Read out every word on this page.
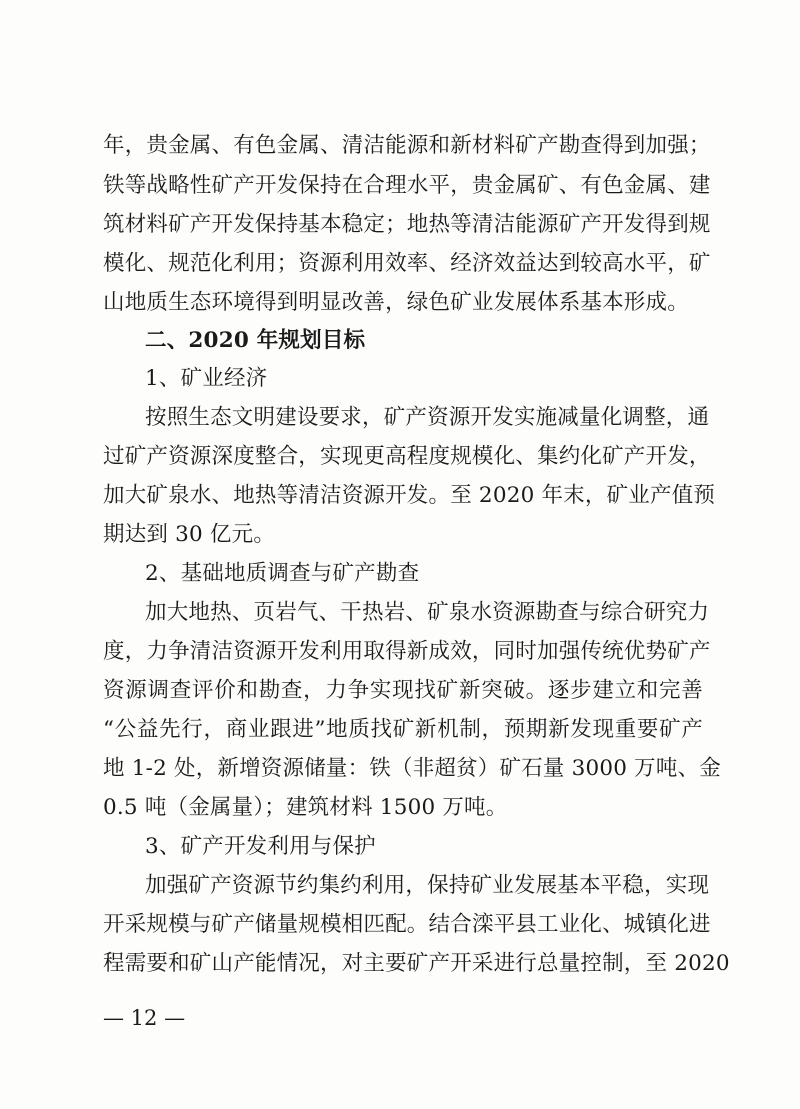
年，贵金属、有色金属、清洁能源和新材料矿产勘查得到加强；
铁等战略性矿产开发保持在合理水平，贵金属矿、有色金属、建
筑材料矿产开发保持基本稳定；地热等清洁能源矿产开发得到规
模化、规范化利用；资源利用效率、经济效益达到较高水平，矿
山地质生态环境得到明显改善，绿色矿业发展体系基本形成。
二、2020 年规划目标
1、矿业经济
按照生态文明建设要求，矿产资源开发实施减量化调整，通
过矿产资源深度整合，实现更高程度规模化、集约化矿产开发，
加大矿泉水、地热等清洁资源开发。至 2020 年末，矿业产值预
期达到 30 亿元。
2、基础地质调查与矿产勘查
加大地热、页岩气、干热岩、矿泉水资源勘查与综合研究力
度，力争清洁资源开发利用取得新成效，同时加强传统优势矿产
资源调查评价和勘查，力争实现找矿新突破。逐步建立和完善
“公益先行，商业跟进”地质找矿新机制，预期新发现重要矿产
地 1-2 处，新增资源储量：铁（非超贫）矿石量 3000 万吨、金
0.5 吨（金属量）；建筑材料 1500 万吨。
3、矿产开发利用与保护
加强矿产资源节约集约利用，保持矿业发展基本平稳，实现
开采规模与矿产储量规模相匹配。结合滦平县工业化、城镇化进
程需要和矿山产能情况，对主要矿产开采进行总量控制，至 2020
— 12 —
